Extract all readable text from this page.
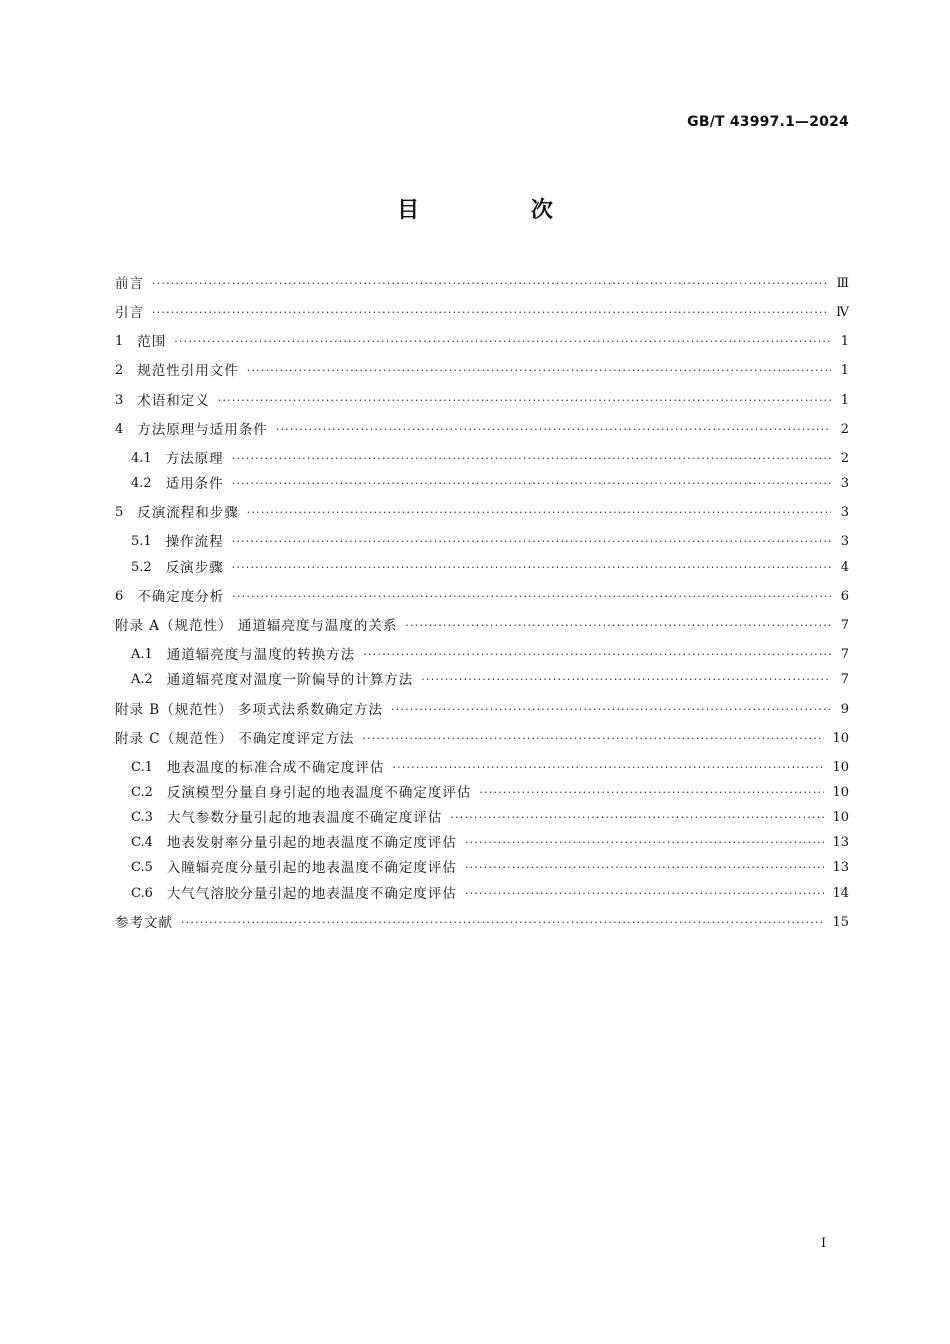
GB/T 43997.1—2024
目 次
前言 ·····	Ⅲ
引言 ·····	Ⅳ
1	范围 ·····	1
2	规范性引用文件 ·····	1
3	术语和定义 ·····	1
4	方法原理与适用条件 ·····	2
4.1	方法原理 ·····	2
4.2	适用条件 ·····	3
5	反演流程和步骤 ·····	3
5.1	操作流程 ·····	3
5.2	反演步骤 ·····	4
6	不确定度分析 ·····	6
附录 A（规范性） 通道辐亮度与温度的关系 ·····	7
A.1	通道辐亮度与温度的转换方法 ·····	7
A.2	通道辐亮度对温度一阶偏导的计算方法 ·····	7
附录 B（规范性） 多项式法系数确定方法 ·····	9
附录 C（规范性） 不确定度评定方法 ·····	10
C.1	地表温度的标准合成不确定度评估 ·····	10
C.2	反演模型分量自身引起的地表温度不确定度评估 ·····	10
C.3	大气参数分量引起的地表温度不确定度评估 ·····	10
C.4	地表发射率分量引起的地表温度不确定度评估 ·····	13
C.5	入瞳辐亮度分量引起的地表温度不确定度评估 ·····	13
C.6	大气气溶胶分量引起的地表温度不确定度评估 ·····	14
参考文献 ·····	15
I
